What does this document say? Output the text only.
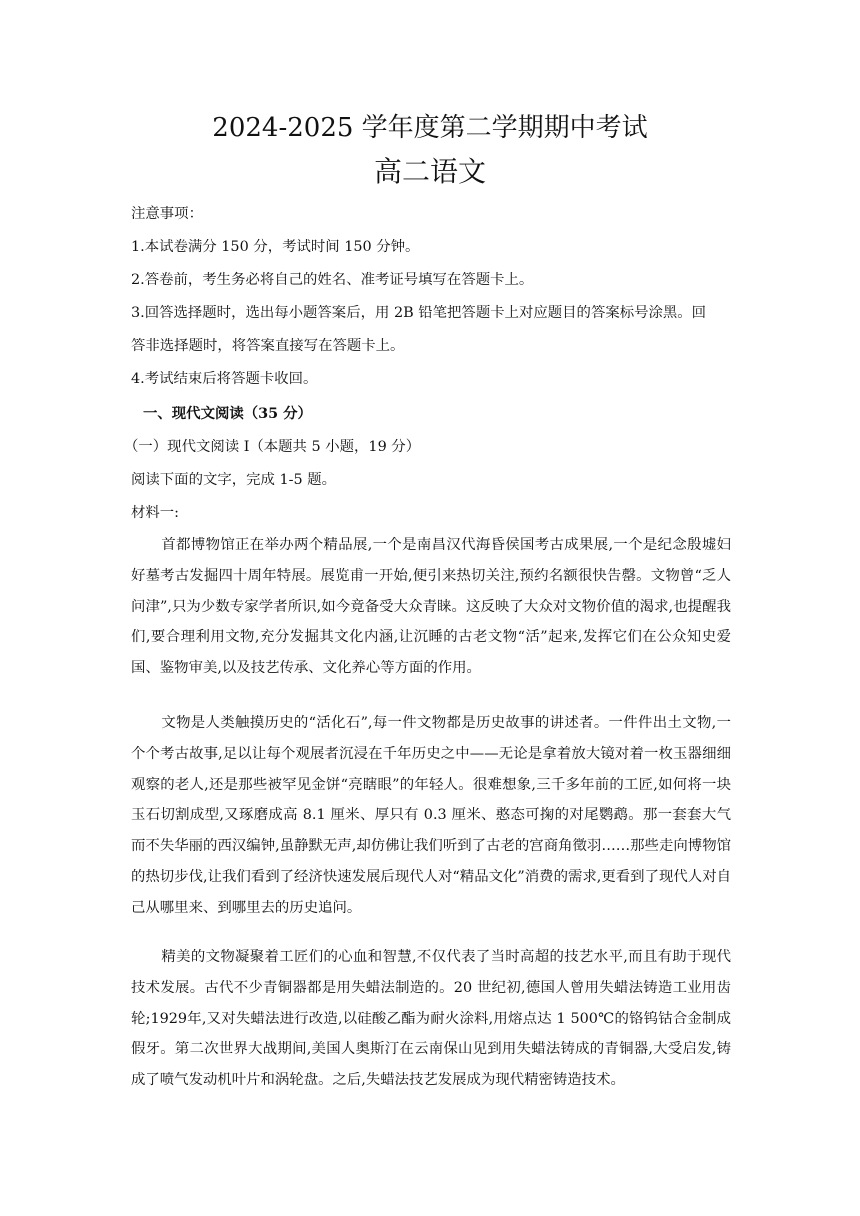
2024-2025 学年度第二学期期中考试
高二语文
注意事项：
1.本试卷满分 150 分，考试时间 150 分钟。
2.答卷前，考生务必将自己的姓名、准考证号填写在答题卡上。
3.回答选择题时，选出每小题答案后，用 2B 铅笔把答题卡上对应题目的答案标号涂黑。回
答非选择题时，将答案直接写在答题卡上。
4.考试结束后将答题卡收回。
一、现代文阅读（35 分）
（一）现代文阅读 I（本题共 5 小题，19 分）
阅读下面的文字，完成 1-5 题。
材料一:
首都博物馆正在举办两个精品展,一个是南昌汉代海昏侯国考古成果展,一个是纪念殷墟妇好墓考古发掘四十周年特展。展览甫一开始,便引来热切关注,预约名额很快告罄。文物曾“乏人问津”,只为少数专家学者所识,如今竟备受大众青睐。这反映了大众对文物价值的渴求,也提醒我们,要合理利用文物,充分发掘其文化内涵,让沉睡的古老文物“活”起来,发挥它们在公众知史爱国、鉴物审美,以及技艺传承、文化养心等方面的作用。
文物是人类触摸历史的“活化石”,每一件文物都是历史故事的讲述者。一件件出土文物,一个个考古故事,足以让每个观展者沉浸在千年历史之中——无论是拿着放大镜对着一枚玉器细细观察的老人,还是那些被罕见金饼“亮瞎眼”的年轻人。很难想象,三千多年前的工匠,如何将一块玉石切割成型,又琢磨成高 8.1 厘米、厚只有 0.3 厘米、憨态可掬的对尾鹦鹉。那一套套大气而不失华丽的西汉编钟,虽静默无声,却仿佛让我们听到了古老的宫商角徵羽……那些走向博物馆的热切步伐,让我们看到了经济快速发展后现代人对“精品文化”消费的需求,更看到了现代人对自己从哪里来、到哪里去的历史追问。
精美的文物凝聚着工匠们的心血和智慧,不仅代表了当时高超的技艺水平,而且有助于现代技术发展。古代不少青铜器都是用失蜡法制造的。20 世纪初,德国人曾用失蜡法铸造工业用齿轮;1929年,又对失蜡法进行改造,以硅酸乙酯为耐火涂料,用熔点达 1 500℃的铬钨钴合金制成假牙。第二次世界大战期间,美国人奥斯汀在云南保山见到用失蜡法铸成的青铜器,大受启发,铸成了喷气发动机叶片和涡轮盘。之后,失蜡法技艺发展成为现代精密铸造技术。
